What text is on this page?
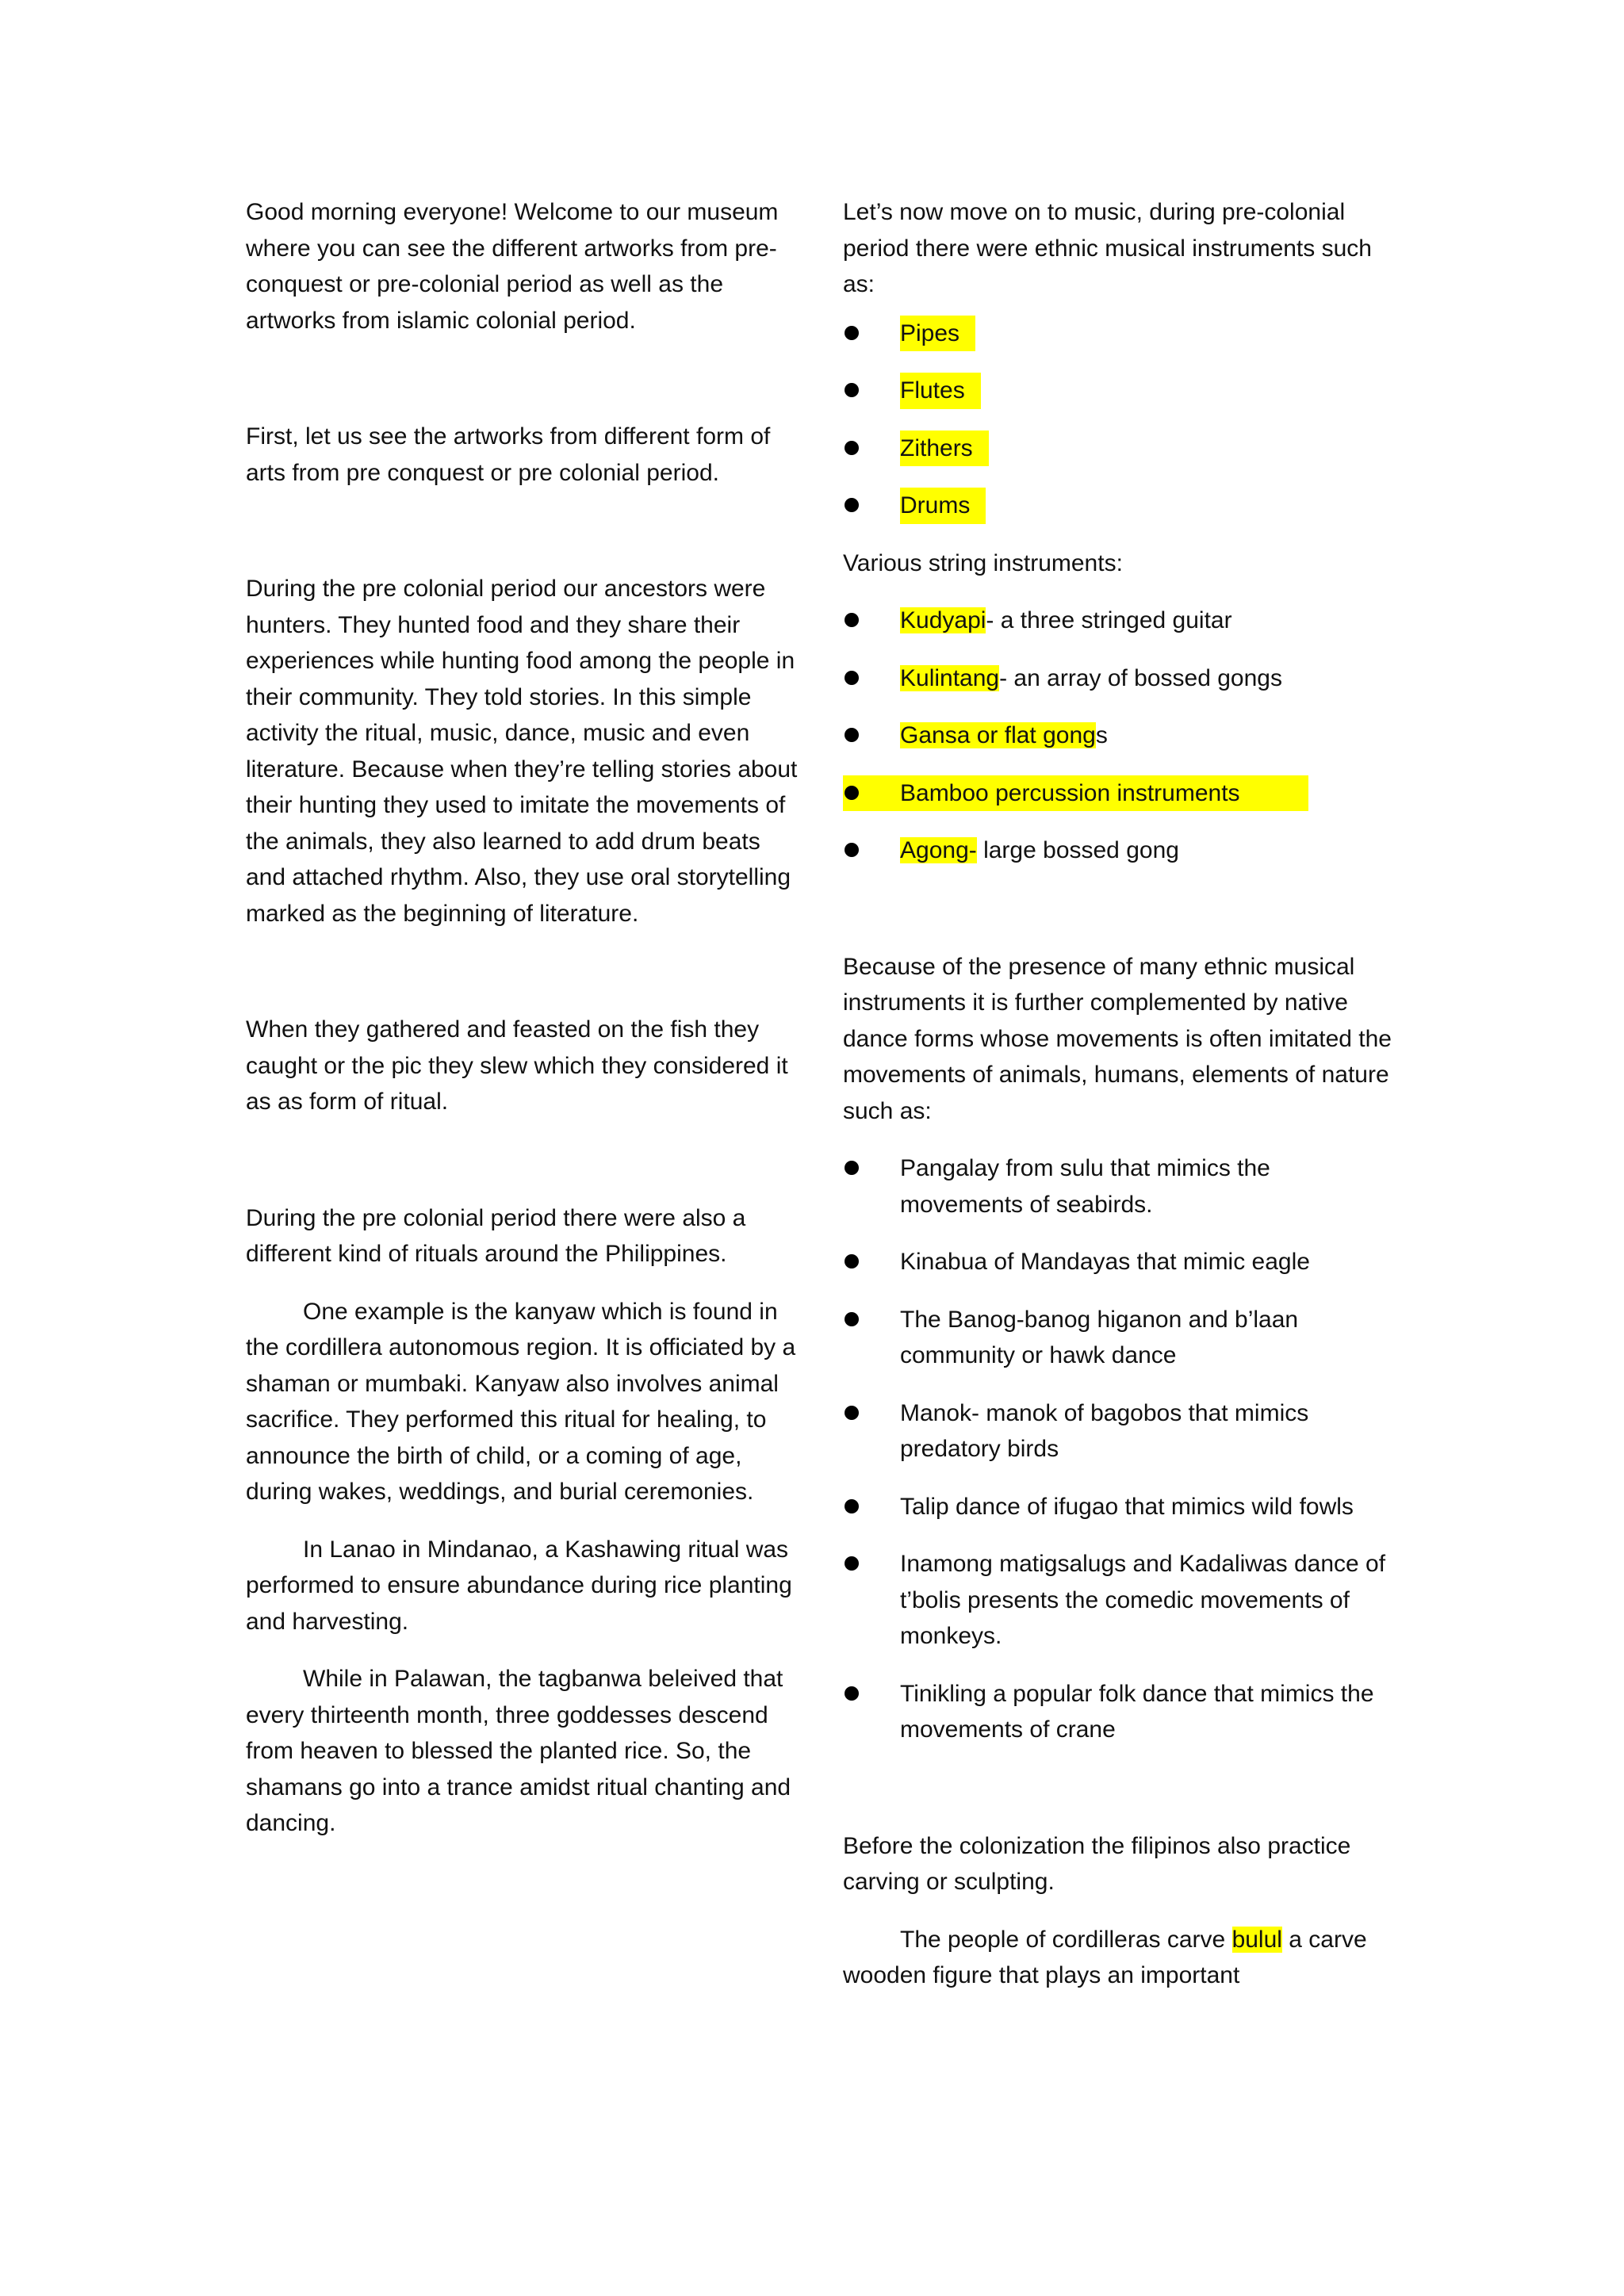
Good morning everyone! Welcome to our museum where you can see the different artworks from pre-conquest or pre-colonial period as well as the artworks from islamic colonial period.

First, let us see the artworks from different form of arts from pre conquest or pre colonial period.

During the pre colonial period our ancestors were hunters. They hunted food and they share their experiences while hunting food among the people in their community. They told stories. In this simple activity the ritual, music, dance, music and even literature. Because when they’re telling stories about their hunting they used to imitate the movements of the animals, they also learned to add drum beats and attached rhythm. Also, they use oral storytelling marked as the beginning of literature.

When they gathered and feasted on the fish they caught or the pic they slew which they considered it as as form of ritual.

During the pre colonial period there were also a different kind of rituals around the Philippines.

One example is the kanyaw which is found in the cordillera autonomous region. It is officiated by a shaman or mumbaki. Kanyaw also involves animal sacrifice. They performed this ritual for healing, to announce the birth of child, or a coming of age, during wakes, weddings, and burial ceremonies.

In Lanao in Mindanao, a Kashawing ritual was performed to ensure abundance during rice planting and harvesting.

While in Palawan, the tagbanwa beleived that every thirteenth month, three goddesses descend from heaven to blessed the planted rice. So, the shamans go into a trance amidst ritual chanting and dancing.

Let’s now move on to music, during pre-colonial period there were ethnic musical instruments such as:

Pipes
Flutes
Zithers
Drums

Various string instruments:

Kudyapi- a three stringed guitar
Kulintang- an array of bossed gongs
Gansa or flat gongs
Bamboo percussion instruments
Agong- large bossed gong

Because of the presence of many ethnic musical instruments it is further complemented by native dance forms whose movements is often imitated the movements of animals, humans, elements of nature such as:

Pangalay from sulu that mimics the movements of seabirds.
Kinabua of Mandayas that mimic eagle
The Banog-banog higanon and b’laan community or hawk dance
Manok- manok of bagobos that mimics predatory birds
Talip dance of ifugao that mimics wild fowls
Inamong matigsalugs and Kadaliwas dance of t’bolis presents the comedic movements of monkeys.
Tinikling a popular folk dance that mimics the movements of crane

Before the colonization the filipinos also practice carving or sculpting.

The people of cordilleras carve bulul a carve wooden figure that plays an important
